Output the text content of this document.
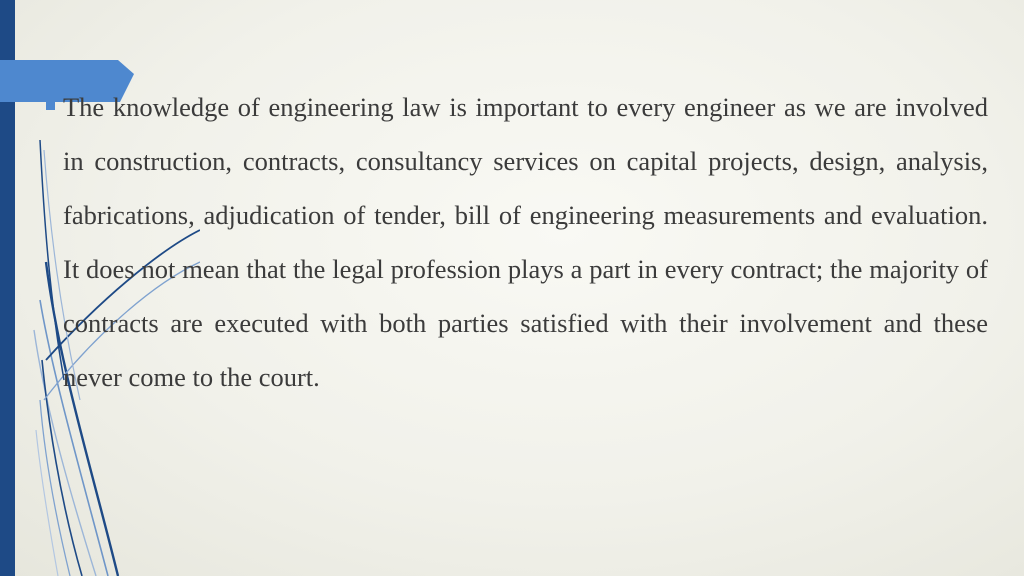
The knowledge of engineering law is important to every engineer as we are involved in construction, contracts, consultancy services on capital projects, design, analysis, fabrications, adjudication of tender, bill of engineering measurements and evaluation. It does not mean that the legal profession plays a part in every contract; the majority of contracts are executed with both parties satisfied with their involvement and these never come to the court.
